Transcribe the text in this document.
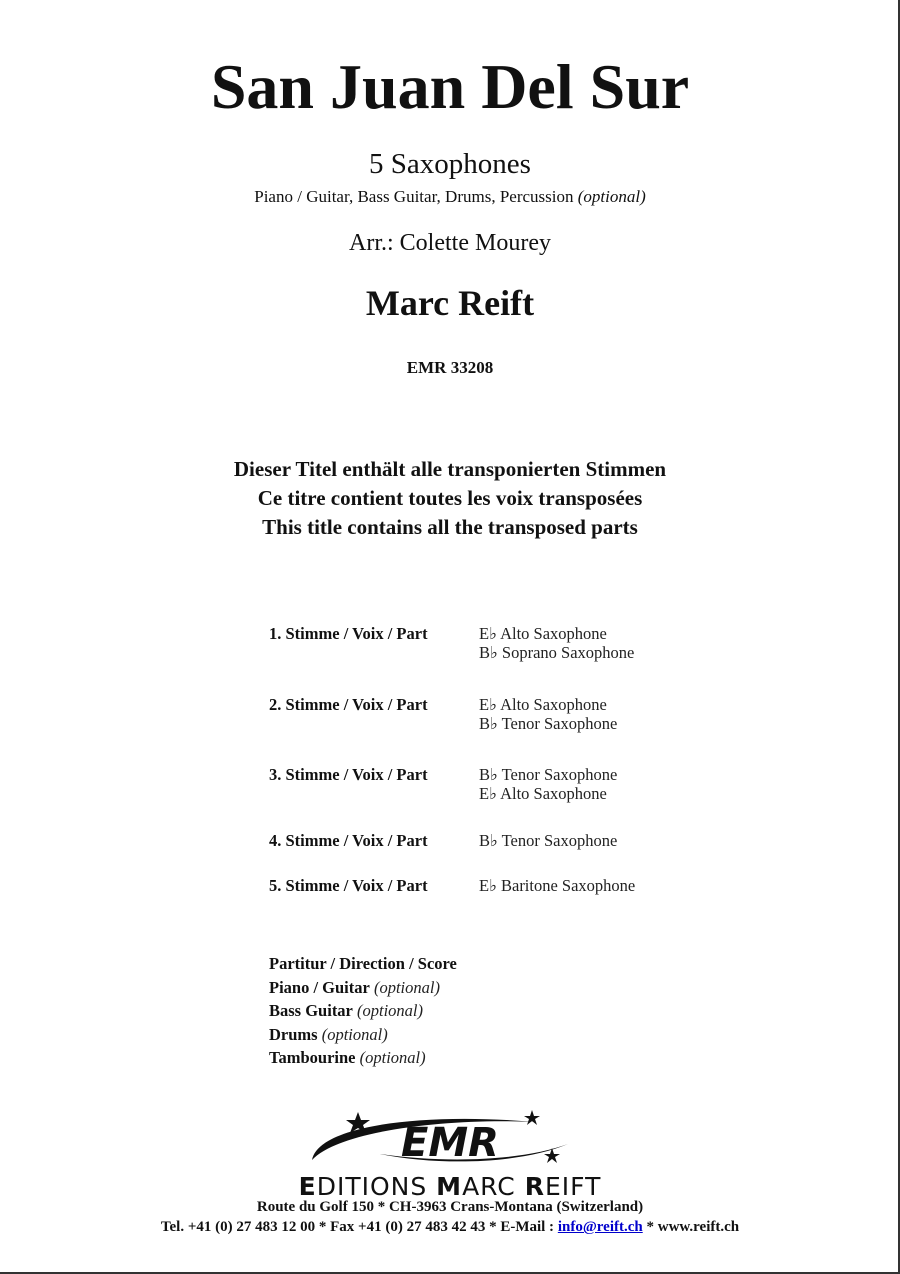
San Juan Del Sur
5 Saxophones
Piano / Guitar, Bass Guitar, Drums, Percussion (optional)
Arr.: Colette Mourey
Marc Reift
EMR 33208
Dieser Titel enthält alle transponierten Stimmen
Ce titre contient toutes les voix transposées
This title contains all the transposed parts
1. Stimme / Voix / Part	E♭ Alto Saxophone
B♭ Soprano Saxophone
2. Stimme / Voix / Part	E♭ Alto Saxophone
B♭ Tenor Saxophone
3. Stimme / Voix / Part	B♭ Tenor Saxophone
E♭ Alto Saxophone
4. Stimme / Voix / Part	B♭ Tenor Saxophone
5. Stimme / Voix / Part	E♭ Baritone Saxophone
Partitur / Direction / Score
Piano / Guitar (optional)
Bass Guitar (optional)
Drums (optional)
Tambourine (optional)
EMR
EDITIONS MARC REIFT
Route du Golf 150 * CH-3963 Crans-Montana (Switzerland)
Tel. +41 (0) 27 483 12 00 * Fax +41 (0) 27 483 42 43 * E-Mail : info@reift.ch * www.reift.ch
